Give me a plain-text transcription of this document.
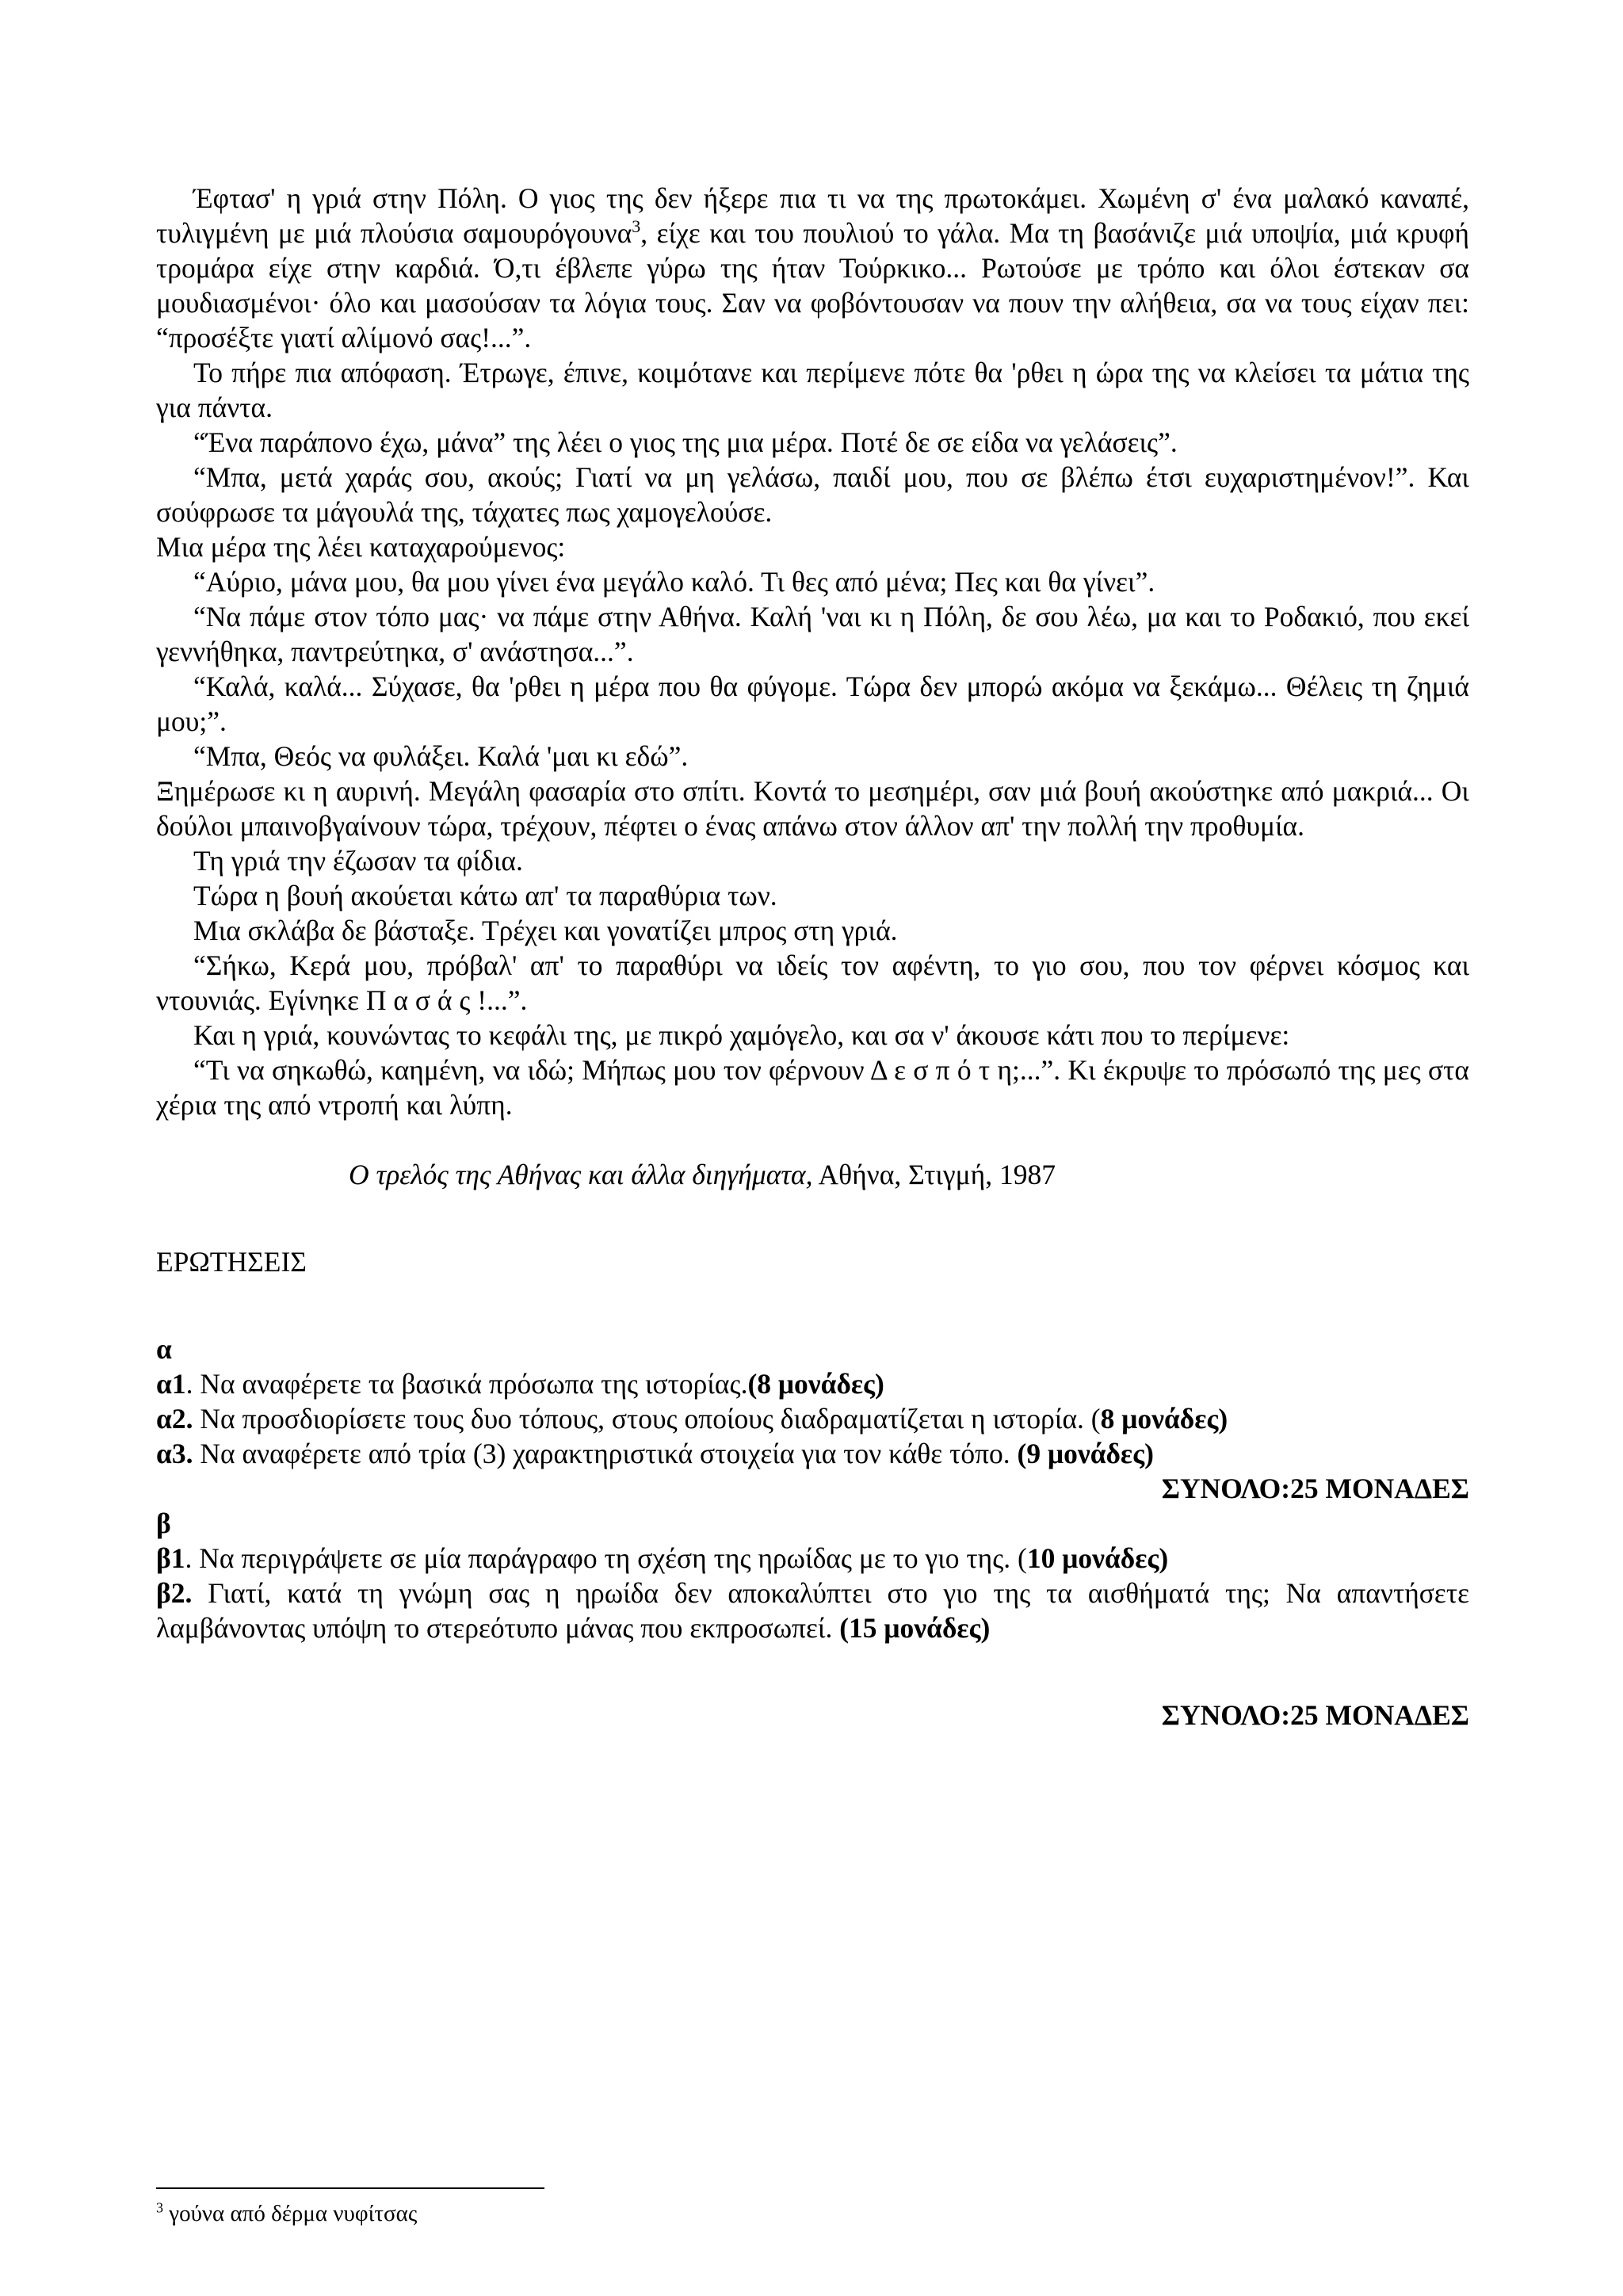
Έφτασ' η γριά στην Πόλη. Ο γιος της δεν ήξερε πια τι να της πρωτοκάμει. Χωμένη σ' ένα μαλακό καναπέ, τυλιγμένη με μιά πλούσια σαμουρόγουνα$^3$, είχε και του πουλιού το γάλα. Μα τη βασάνιζε μιά υποψία, μιά κρυφή τρομάρα είχε στην καρδιά. Ό,τι έβλεπε γύρω της ήταν Τούρκικο... Ρωτούσε με τρόπο και όλοι έστεκαν σα μουδιασμένοι· όλο και μασούσαν τα λόγια τους. Σαν να φοβόντουσαν να πουν την αλήθεια, σα να τους είχαν πει: “προσέξτε γιατί αλίμονό σας!...”.

Το πήρε πια απόφαση. Έτρωγε, έπινε, κοιμότανε και περίμενε πότε θα 'ρθει η ώρα της να κλείσει τα μάτια της για πάντα.

“Ένα παράπονο έχω, μάνα” της λέει ο γιος της μια μέρα. Ποτέ δε σε είδα να γελάσεις”.

“Μπα, μετά χαράς σου, ακούς; Γιατί να μη γελάσω, παιδί μου, που σε βλέπω έτσι ευχαριστημένον!”. Και σούφρωσε τα μάγουλά της, τάχατες πως χαμογελούσε.

Μια μέρα της λέει καταχαρούμενος:

“Αύριο, μάνα μου, θα μου γίνει ένα μεγάλο καλό. Τι θες από μένα; Πες και θα γίνει”.

“Να πάμε στον τόπο μας· να πάμε στην Αθήνα. Καλή 'ναι κι η Πόλη, δε σου λέω, μα και το Ροδακιό, που εκεί γεννήθηκα, παντρεύτηκα, σ' ανάστησα...”.

“Καλά, καλά... Σύχασε, θα 'ρθει η μέρα που θα φύγομε. Τώρα δεν μπορώ ακόμα να ξεκάμω... Θέλεις τη ζημιά μου;”.

“Μπα, Θεός να φυλάξει. Καλά 'μαι κι εδώ”.

Ξημέρωσε κι η αυρινή. Μεγάλη φασαρία στο σπίτι. Κοντά το μεσημέρι, σαν μιά βουή ακούστηκε από μακριά... Οι δούλοι μπαινοβγαίνουν τώρα, τρέχουν, πέφτει ο ένας απάνω στον άλλον απ' την πολλή την προθυμία.

Τη γριά την έζωσαν τα φίδια.

Τώρα η βουή ακούεται κάτω απ' τα παραθύρια των.

Μια σκλάβα δε βάσταξε. Τρέχει και γονατίζει μπρος στη γριά.

“Σήκω, Κερά μου, πρόβαλ' απ' το παραθύρι να ιδείς τον αφέντη, το γιο σου, που τον φέρνει κόσμος και ντουνιάς. Εγίνηκε Π α σ ά ς !...”.

Και η γριά, κουνώντας το κεφάλι της, με πικρό χαμόγελο, και σα ν' άκουσε κάτι που το περίμενε:

“Τι να σηκωθώ, καημένη, να ιδώ; Μήπως μου τον φέρνουν Δ ε σ π ό τ η;...”. Κι έκρυψε το πρόσωπό της μες στα χέρια της από ντροπή και λύπη.

Ο τρελός της Αθήνας και άλλα διηγήματα, Αθήνα, Στιγμή, 1987

ΕΡΩΤΗΣΕΙΣ

α

α1. Να αναφέρετε τα βασικά πρόσωπα της ιστορίας.(8 μονάδες)

α2. Να προσδιορίσετε τους δυο τόπους, στους οποίους διαδραματίζεται η ιστορία. (8 μονάδες)

α3. Να αναφέρετε από τρία (3) χαρακτηριστικά στοιχεία για τον κάθε τόπο. (9 μονάδες)

ΣΥΝΟΛΟ:25 ΜΟΝΑΔΕΣ

β

β1. Να περιγράψετε σε μία παράγραφο τη σχέση της ηρωίδας με το γιο της. (10 μονάδες)

β2. Γιατί, κατά τη γνώμη σας η ηρωίδα δεν αποκαλύπτει στο γιο της τα αισθήματά της; Να απαντήσετε λαμβάνοντας υπόψη το στερεότυπο μάνας που εκπροσωπεί. (15 μονάδες)

ΣΥΝΟΛΟ:25 ΜΟΝΑΔΕΣ

$^3$ γούνα από δέρμα νυφίτσας
